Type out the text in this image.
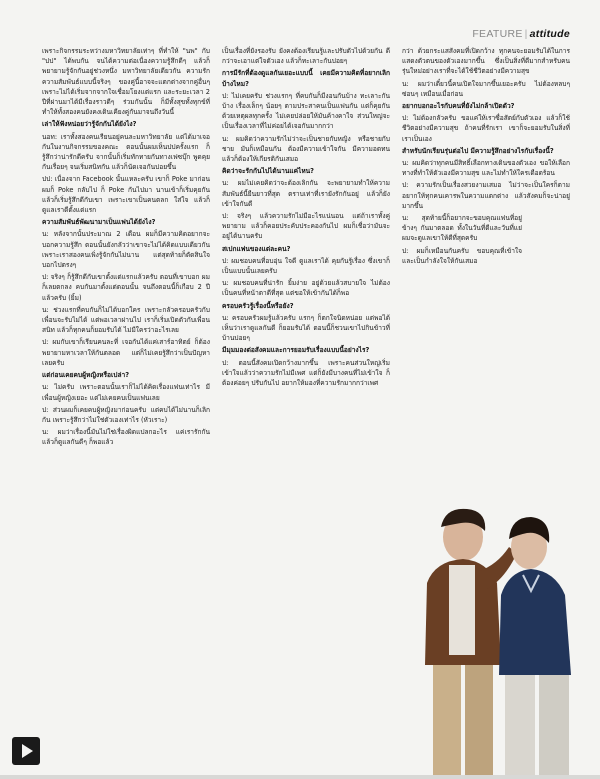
FEATURE | attitude

เพราะกิจกรรมระหว่างมหาวิทยาลัยเท่าๆ ที่ทำให้ "นพ" กับ "ปป" ได้พบกัน จนได้ความต่อเนื่องความรู้สึกดีๆ แล้วก็พยายามรู้จักกันอยู่ช่วงหนึ่ง มหาวิทยาลัยเดียวกัน ความรักความสัมพันธ์แบบนี้จริงๆ ของคู่นี้อาจจะแตกต่างจากคู่อื่นๆ เพราะไม่ได้เริ่มจากจากใจเชื่อมโยงแต่แรก และระยะเวลา 2 ปีที่ผ่านมาได้มีเรื่องราวดีๆ ร่วมกันนั้น ก็มีทั้งสุขทั้งทุกข์ที่ทำให้ทั้งสองคนยังคงเดินเคียงคู่กันมาจนถึงวันนี้

เล่าให้ฟังหน่อยว่ารู้จักกันได้ยังไง?

นอท: เราทั้งสองคนเรียนอยู่คนละมหาวิทยาลัย แต่ได้มาเจอกันในงานกิจกรรมของคณะ ตอนนั้นผมเห็นปปครั้งแรก ก็รู้สึกว่าน่ารักดีครับ จากนั้นก็เริ่มทักทายกันทางเฟซบุ๊ก พูดคุยกันเรื่อยๆ จนเริ่มสนิทกัน แล้วก็นัดเจอกันบ่อยขึ้น

ปป: เนื่องจาก Facebook นั้นแหละครับ เขาก็ Poke มาก่อน ผมก็ Poke กลับไป ก็ Poke กันไปมา นานเข้าก็เริ่มคุยกัน แล้วก็เริ่มรู้สึกดีกับเขา เพราะเขาเป็นคนตลก ใส่ใจ แล้วก็ดูแลเราดีตั้งแต่แรก

ความสัมพันธ์พัฒนามาเป็นแฟนได้ยังไง?

น: หลังจากนั้นประมาณ 2 เดือน ผมก็มีความคิดอยากจะบอกความรู้สึก ตอนนั้นยังกลัวว่าเขาจะไม่ได้คิดแบบเดียวกัน เพราะเราสองคนเพิ่งรู้จักกันไม่นาน แต่สุดท้ายก็ตัดสินใจบอกไปตรงๆ

ป: จริงๆ ก็รู้สึกดีกับเขาตั้งแต่แรกแล้วครับ ตอนที่เขาบอก ผมก็เลยตกลง คบกันมาตั้งแต่ตอนนั้น จนถึงตอนนี้ก็เกือบ 2 ปีแล้วครับ (ยิ้ม)

น: ช่วงแรกที่คบกันก็ไม่ได้บอกใคร เพราะกลัวครอบครัวกับเพื่อนจะรับไม่ได้ แต่พอเวลาผ่านไป เราก็เริ่มเปิดตัวกับเพื่อนสนิท แล้วก็ทุกคนก็ยอมรับได้ ไม่มีใครว่าอะไรเลย

ป: ผมกับเขาก็เรียนคนละที่ เจอกันได้แค่เสาร์อาทิตย์ ก็ต้องพยายามหาเวลาให้กันตลอด แต่ก็ไม่เคยรู้สึกว่าเป็นปัญหาเลยครับ

แต่ก่อนเคยคบผู้หญิงหรือเปล่า?

น: ไม่ครับ เพราะตอนนั้นเราก็ไม่ได้คิดเรื่องแฟนเท่าไร มีเพื่อนผู้หญิงเยอะ แต่ไม่เคยคบเป็นแฟนเลย

ป: ส่วนผมก็เคยคบผู้หญิงมาก่อนครับ แต่คบได้ไม่นานก็เลิกกัน เพราะรู้สึกว่าไม่ใช่ตัวเองเท่าไร (หัวเราะ)

น: ผมว่าเรื่องนี้มันไม่ใช่เรื่องผิดแปลกอะไร แค่เรารักกัน แล้วก็ดูแลกันดีๆ ก็พอแล้ว

เป็นเรื่องที่ยังรองรับ ยังคงต้องเรียนรู้และปรับตัวไปด้วยกัน ดีกว่าจะเอาแต่ใจตัวเอง แล้วก็ทะเลาะกันบ่อยๆ

การมีรักที่ต้องดูแลกันเยอะแบบนี้ เคยมีความคิดที่อยากเลิกบ้างไหม?

ป: ไม่เคยครับ ช่วงแรกๆ ที่คบกันก็มีงอนกันบ้าง ทะเลาะกันบ้าง เรื่องเล็กๆ น้อยๆ ตามประสาคนเป็นแฟนกัน แต่ก็คุยกันด้วยเหตุผลทุกครั้ง ไม่เคยปล่อยให้มันค้างคาใจ ส่วนใหญ่จะเป็นเรื่องเวลาที่ไม่ค่อยได้เจอกันมากกว่า

น: ผมคิดว่าความรักไม่ว่าจะเป็นชายกับหญิง หรือชายกับชาย มันก็เหมือนกัน ต้องมีความเข้าใจกัน มีความอดทน แล้วก็ต้องให้เกียรติกันเสมอ

คิดว่าจะรักกันไปได้นานแค่ไหน?

น: ผมไม่เคยคิดว่าจะต้องเลิกกัน จะพยายามทำให้ความสัมพันธ์นี้ยืนยาวที่สุด ตราบเท่าที่เรายังรักกันอยู่ แล้วก็ยังเข้าใจกันดี

ป: จริงๆ แล้วความรักไม่มีอะไรแน่นอน แต่ถ้าเราทั้งคู่พยายาม แล้วก็คอยประคับประคองกันไป ผมก็เชื่อว่ามันจะอยู่ได้นานครับ

สเปกแฟนของแต่ละคน?

ป: ผมชอบคนที่อบอุ่น ใจดี ดูแลเราได้ คุยกันรู้เรื่อง ซึ่งเขาก็เป็นแบบนั้นเลยครับ

น: ผมชอบคนที่น่ารัก ยิ้มง่าย อยู่ด้วยแล้วสบายใจ ไม่ต้องเป็นคนที่หน้าตาดีที่สุด แต่ขอให้เข้ากันได้ก็พอ

ครอบครัวรู้เรื่องนี้หรือยัง?

น: ครอบครัวผมรู้แล้วครับ แรกๆ ก็ตกใจนิดหน่อย แต่พอได้เห็นว่าเราดูแลกันดี ก็ยอมรับได้ ตอนนี้ก็ชวนเขาไปกินข้าวที่บ้านบ่อยๆ

มีมุมมองต่อสังคมและการยอมรับเรื่องแบบนี้อย่างไร?

ป: ตอนนี้สังคมเปิดกว้างมากขึ้น เพราะคนส่วนใหญ่เริ่มเข้าใจแล้วว่าความรักไม่มีเพศ แต่ก็ยังมีบางคนที่ไม่เข้าใจ ก็ต้องค่อยๆ ปรับกันไป อยากให้มองที่ความรักมากกว่าเพศ

กว่า ด้วยกระแสสังคมที่เปิดกว้าง ทุกคนจะยอมรับได้ในการแสดงตัวตนของตัวเองมากขึ้น ซึ่งเป็นสิ่งที่ดีมากสำหรับคนรุ่นใหม่อย่างเราที่จะได้ใช้ชีวิตอย่างมีความสุข

น: ผมว่าเดี๋ยวนี้คนเปิดใจมากขึ้นเยอะครับ ไม่ต้องหลบๆ ซ่อนๆ เหมือนเมื่อก่อน

อยากบอกอะไรกับคนที่ยังไม่กล้าเปิดตัว?

ป: ไม่ต้องกลัวครับ ขอแค่ให้เราซื่อสัตย์กับตัวเอง แล้วก็ใช้ชีวิตอย่างมีความสุข ถ้าคนที่รักเรา เขาก็จะยอมรับในสิ่งที่เราเป็นเอง

สำหรับนักเรียนรุ่นต่อไป มีความรู้สึกอย่างไรกับเรื่องนี้?

น: ผมคิดว่าทุกคนมีสิทธิ์เลือกทางเดินของตัวเอง ขอให้เลือกทางที่ทำให้ตัวเองมีความสุข และไม่ทำให้ใครเดือดร้อน

ป: ความรักเป็นเรื่องสวยงามเสมอ ไม่ว่าจะเป็นใครก็ตาม อยากให้ทุกคนเคารพในความแตกต่าง แล้วสังคมก็จะน่าอยู่มากขึ้น

น: สุดท้ายนี้ก็อยากจะขอบคุณแฟนที่อยู่ข้างๆ กันมาตลอด ทั้งในวันที่ดีและวันที่แย่ ผมจะดูแลเขาให้ดีที่สุดครับ

ป: ผมก็เหมือนกันครับ ขอบคุณที่เข้าใจ และเป็นกำลังใจให้กันเสมอ
